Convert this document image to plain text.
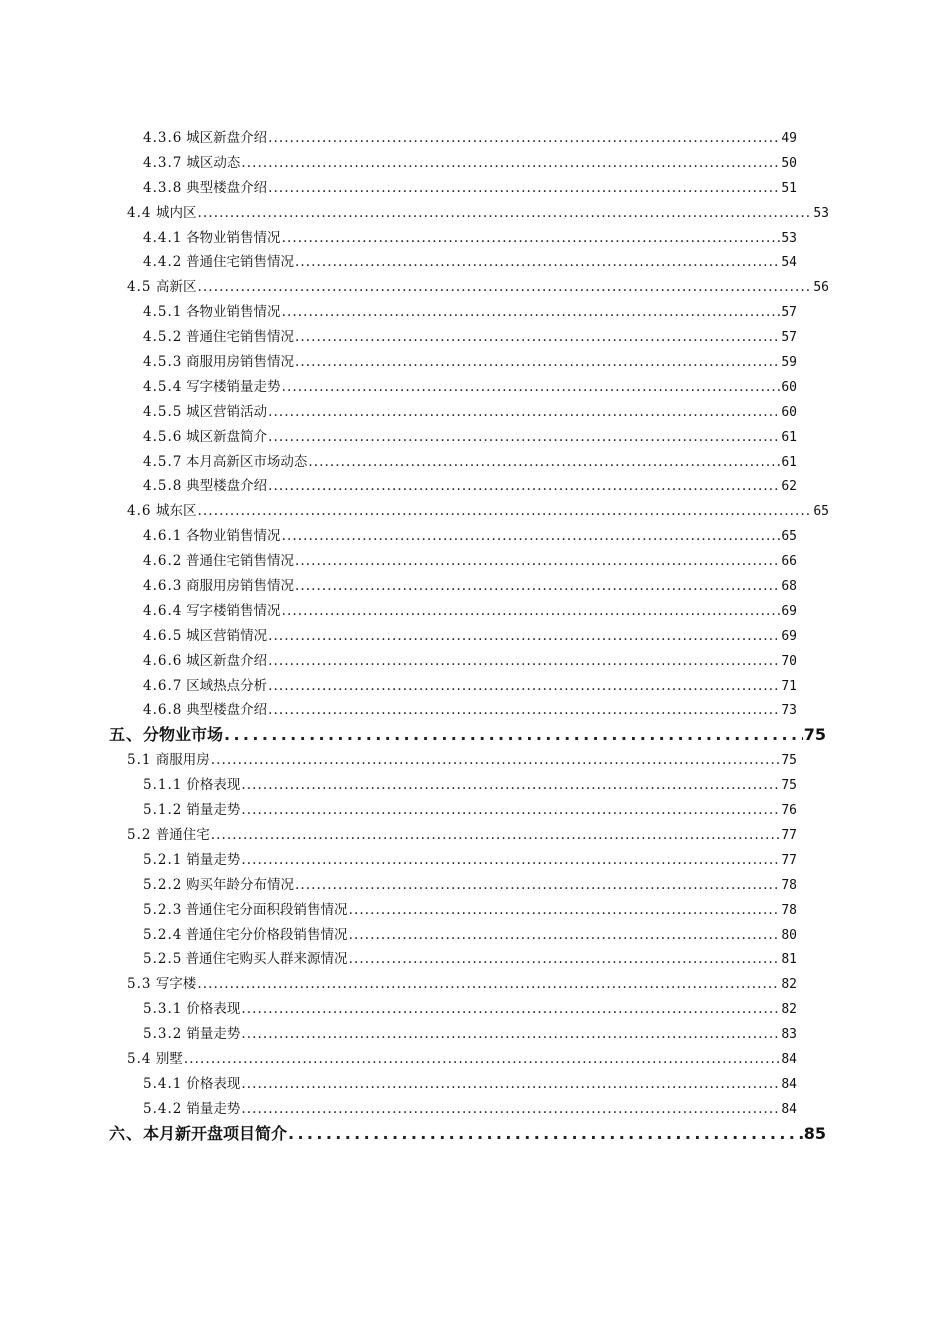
4.3.6 城区新盘介绍 . . .	49
4.3.7 城区动态 . . .	50
4.3.8 典型楼盘介绍 . . .	51
4.4 城内区 . . .	53
4.4.1 各物业销售情况 . . .	53
4.4.2 普通住宅销售情况 . . .	54
4.5 高新区 . . .	56
4.5.1 各物业销售情况 . . .	57
4.5.2 普通住宅销售情况 . . .	57
4.5.3 商服用房销售情况 . . .	59
4.5.4 写字楼销量走势 . . .	60
4.5.5 城区营销活动 . . .	60
4.5.6 城区新盘简介 . . .	61
4.5.7 本月高新区市场动态 . . .	61
4.5.8 典型楼盘介绍 . . .	62
4.6 城东区 . . .	65
4.6.1 各物业销售情况 . . .	65
4.6.2 普通住宅销售情况 . . .	66
4.6.3 商服用房销售情况 . . .	68
4.6.4 写字楼销售情况 . . .	69
4.6.5 城区营销情况 . . .	69
4.6.6 城区新盘介绍 . . .	70
4.6.7 区域热点分析 . . .	71
4.6.8 典型楼盘介绍 . . .	73
五、 分物业市场 . . .	75
5.1 商服用房 . . .	75
5.1.1 价格表现 . . .	75
5.1.2 销量走势 . . .	76
5.2 普通住宅 . . .	77
5.2.1 销量走势 . . .	77
5.2.2 购买年龄分布情况 . . .	78
5.2.3 普通住宅分面积段销售情况 . . .	78
5.2.4 普通住宅分价格段销售情况 . . .	80
5.2.5 普通住宅购买人群来源情况 . . .	81
5.3 写字楼 . . .	82
5.3.1 价格表现 . . .	82
5.3.2 销量走势 . . .	83
5.4 别墅 . . .	84
5.4.1 价格表现 . . .	84
5.4.2 销量走势 . . .	84
六、 本月新开盘项目简介 . . .	85
